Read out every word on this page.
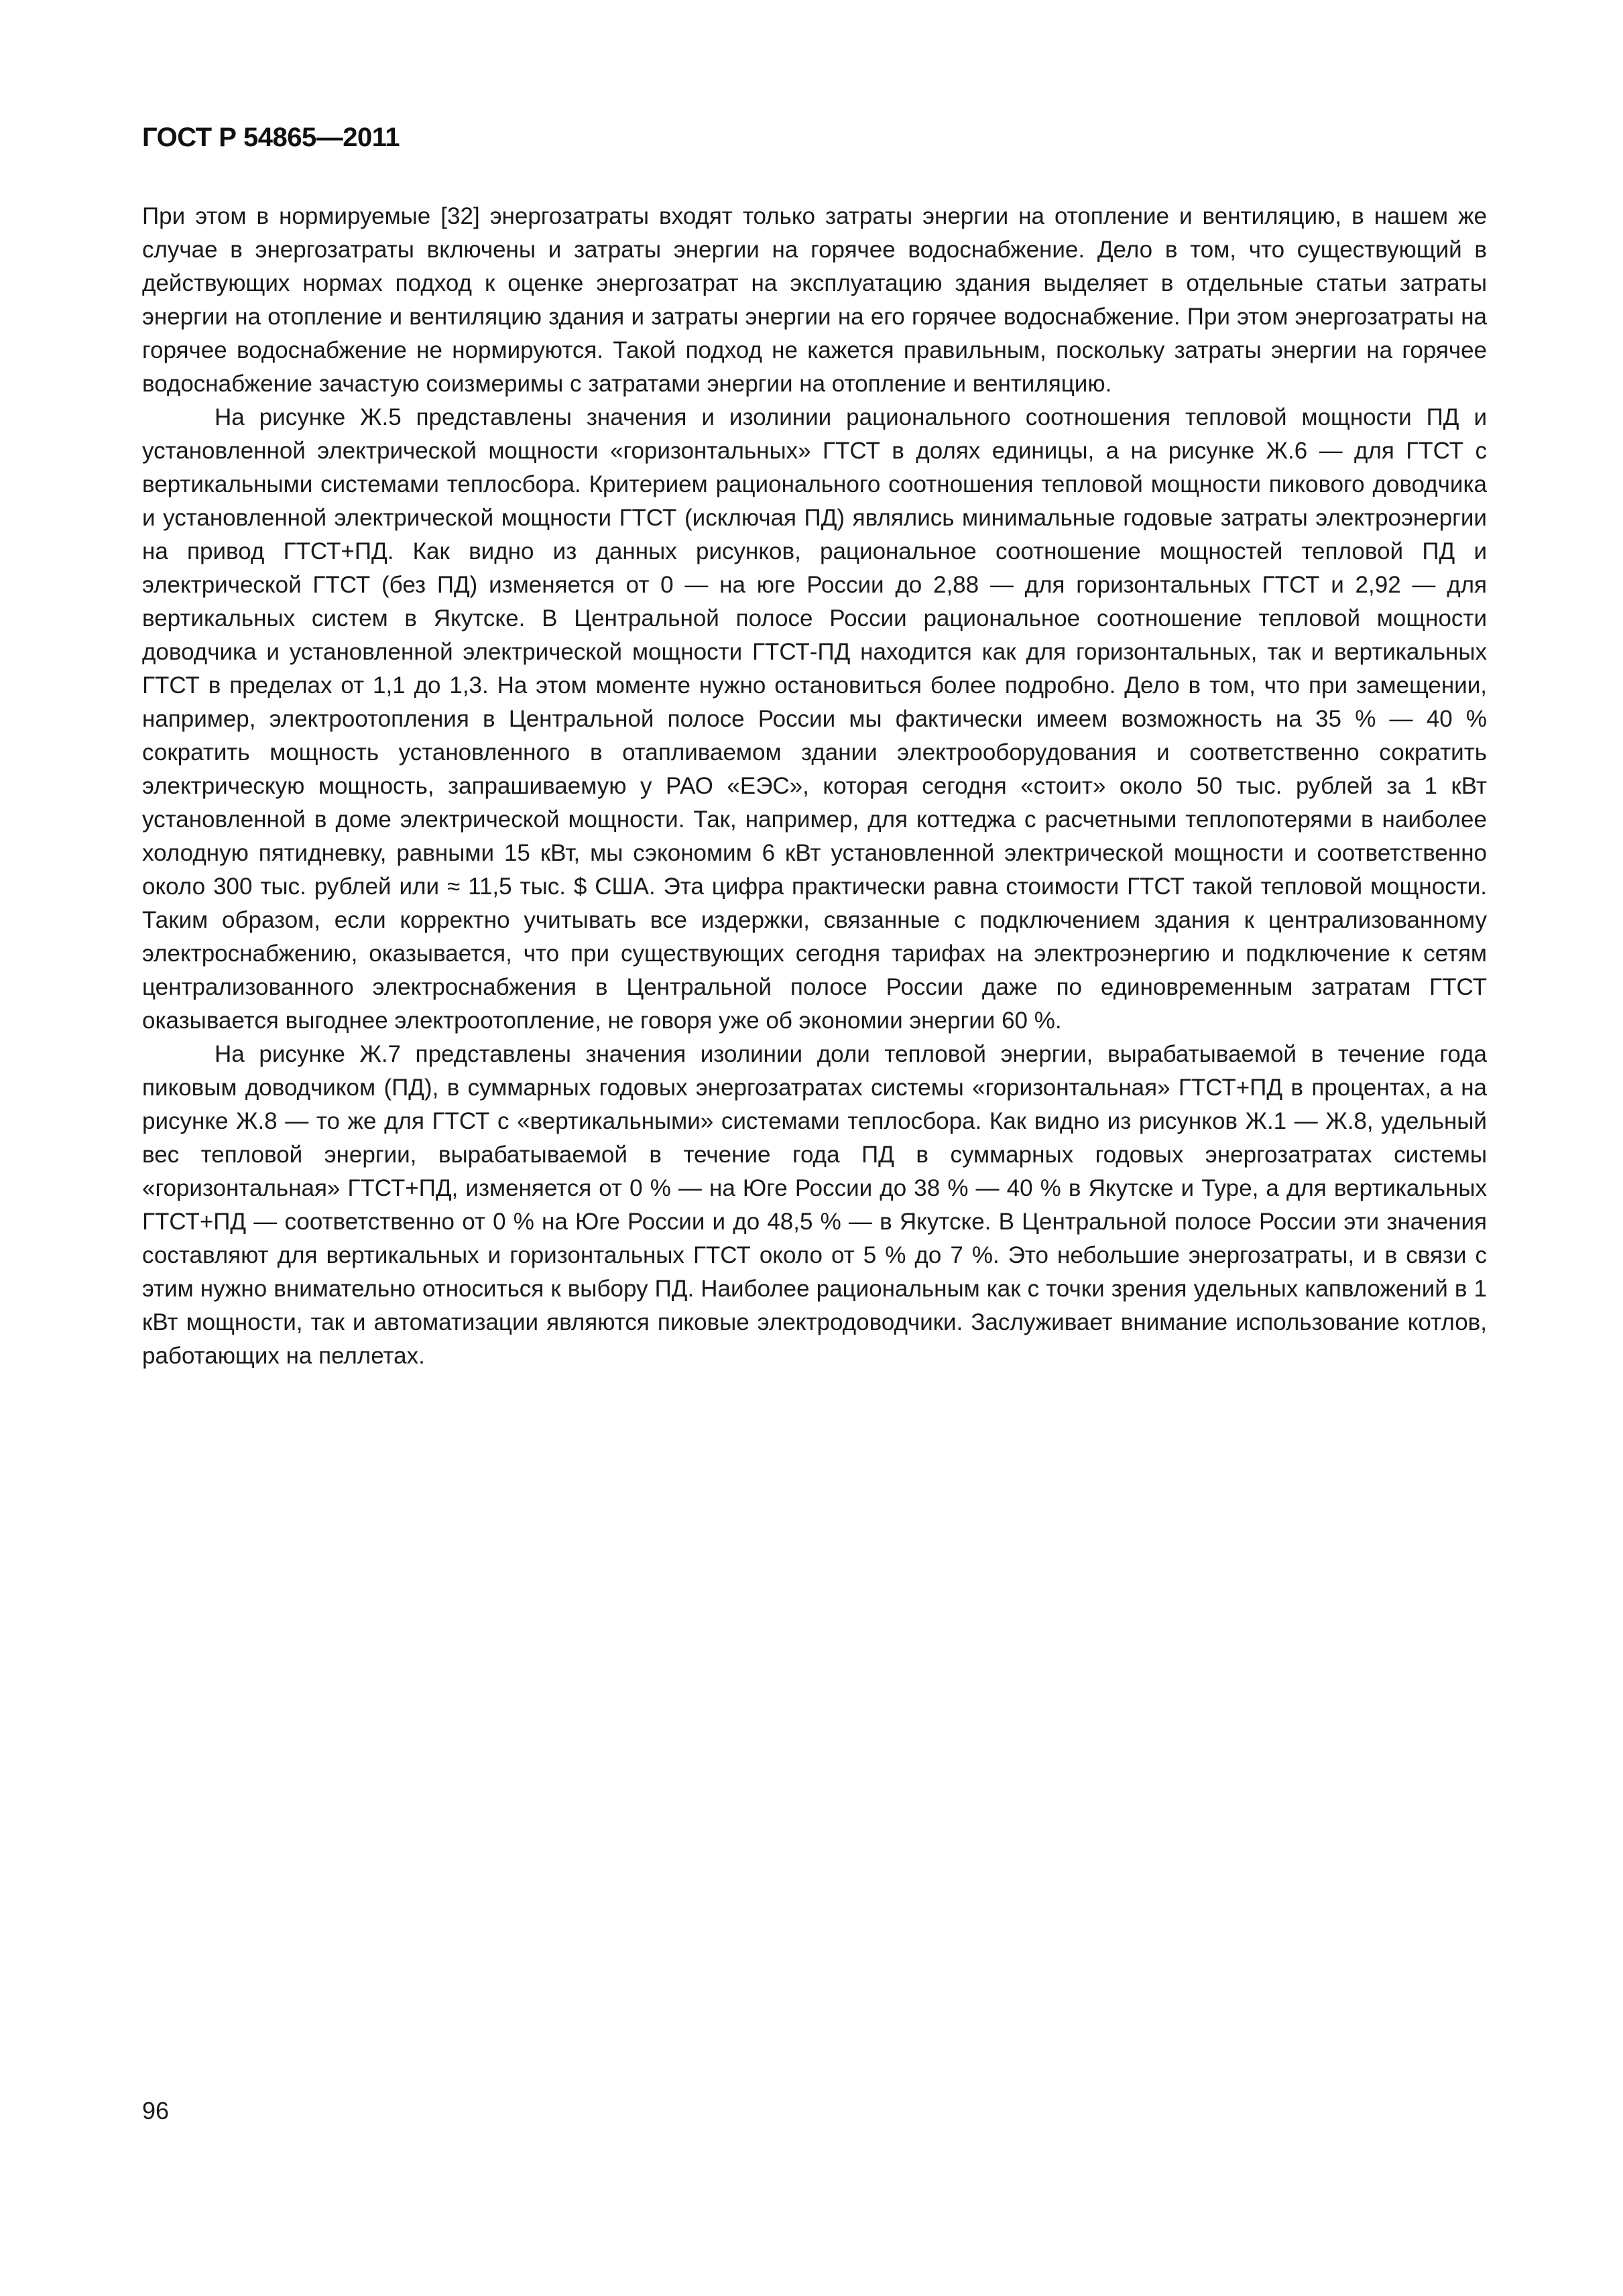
ГОСТ Р 54865—2011

При этом в нормируемые [32] энергозатраты входят только затраты энергии на отопление и вентиляцию, в нашем же случае в энергозатраты включены и затраты энергии на горячее водоснабжение. Дело в том, что существующий в действующих нормах подход к оценке энергозатрат на эксплуатацию здания выделяет в отдельные статьи затраты энергии на отопление и вентиляцию здания и затраты энергии на его горячее водоснабжение. При этом энергозатраты на горячее водоснабжение не нормируются. Такой подход не кажется правильным, поскольку затраты энергии на горячее водоснабжение зачастую соизмеримы с затратами энергии на отопление и вентиляцию.

На рисунке Ж.5 представлены значения и изолинии рационального соотношения тепловой мощности ПД и установленной электрической мощности «горизонтальных» ГТСТ в долях единицы, а на рисунке Ж.6 — для ГТСТ с вертикальными системами теплосбора. Критерием рационального соотношения тепловой мощности пикового доводчика и установленной электрической мощности ГТСТ (исключая ПД) являлись минимальные годовые затраты электроэнергии на привод ГТСТ+ПД. Как видно из данных рисунков, рациональное соотношение мощностей тепловой ПД и электрической ГТСТ (без ПД) изменяется от 0 — на юге России до 2,88 — для горизонтальных ГТСТ и 2,92 — для вертикальных систем в Якутске. В Центральной полосе России рациональное соотношение тепловой мощности доводчика и установленной электрической мощности ГТСТ-ПД находится как для горизонтальных, так и вертикальных ГТСТ в пределах от 1,1 до 1,3. На этом моменте нужно остановиться более подробно. Дело в том, что при замещении, например, электроотопления в Центральной полосе России мы фактически имеем возможность на 35 % — 40 % сократить мощность установленного в отапливаемом здании электрооборудования и соответственно сократить электрическую мощность, запрашиваемую у РАО «ЕЭС», которая сегодня «стоит» около 50 тыс. рублей за 1 кВт установленной в доме электрической мощности. Так, например, для коттеджа с расчетными теплопотерями в наиболее холодную пятидневку, равными 15 кВт, мы сэкономим 6 кВт установленной электрической мощности и соответственно около 300 тыс. рублей или ≈ 11,5 тыс. $ США. Эта цифра практически равна стоимости ГТСТ такой тепловой мощности. Таким образом, если корректно учитывать все издержки, связанные с подключением здания к централизованному электроснабжению, оказывается, что при существующих сегодня тарифах на электроэнергию и подключение к сетям централизованного электроснабжения в Центральной полосе России даже по единовременным затратам ГТСТ оказывается выгоднее электроотопление, не говоря уже об экономии энергии 60 %.

На рисунке Ж.7 представлены значения изолинии доли тепловой энергии, вырабатываемой в течение года пиковым доводчиком (ПД), в суммарных годовых энергозатратах системы «горизонтальная» ГТСТ+ПД в процентах, а на рисунке Ж.8 — то же для ГТСТ с «вертикальными» системами теплосбора. Как видно из рисунков Ж.1 — Ж.8, удельный вес тепловой энергии, вырабатываемой в течение года ПД в суммарных годовых энергозатратах системы «горизонтальная» ГТСТ+ПД, изменяется от 0 % — на Юге России до 38 % — 40 % в Якутске и Туре, а для вертикальных ГТСТ+ПД — соответственно от 0 % на Юге России и до 48,5 % — в Якутске. В Центральной полосе России эти значения составляют для вертикальных и горизонтальных ГТСТ около от 5 % до 7 %. Это небольшие энергозатраты, и в связи с этим нужно внимательно относиться к выбору ПД. Наиболее рациональным как с точки зрения удельных капвложений в 1 кВт мощности, так и автоматизации являются пиковые электродоводчики. Заслуживает внимание использование котлов, работающих на пеллетах.

96
